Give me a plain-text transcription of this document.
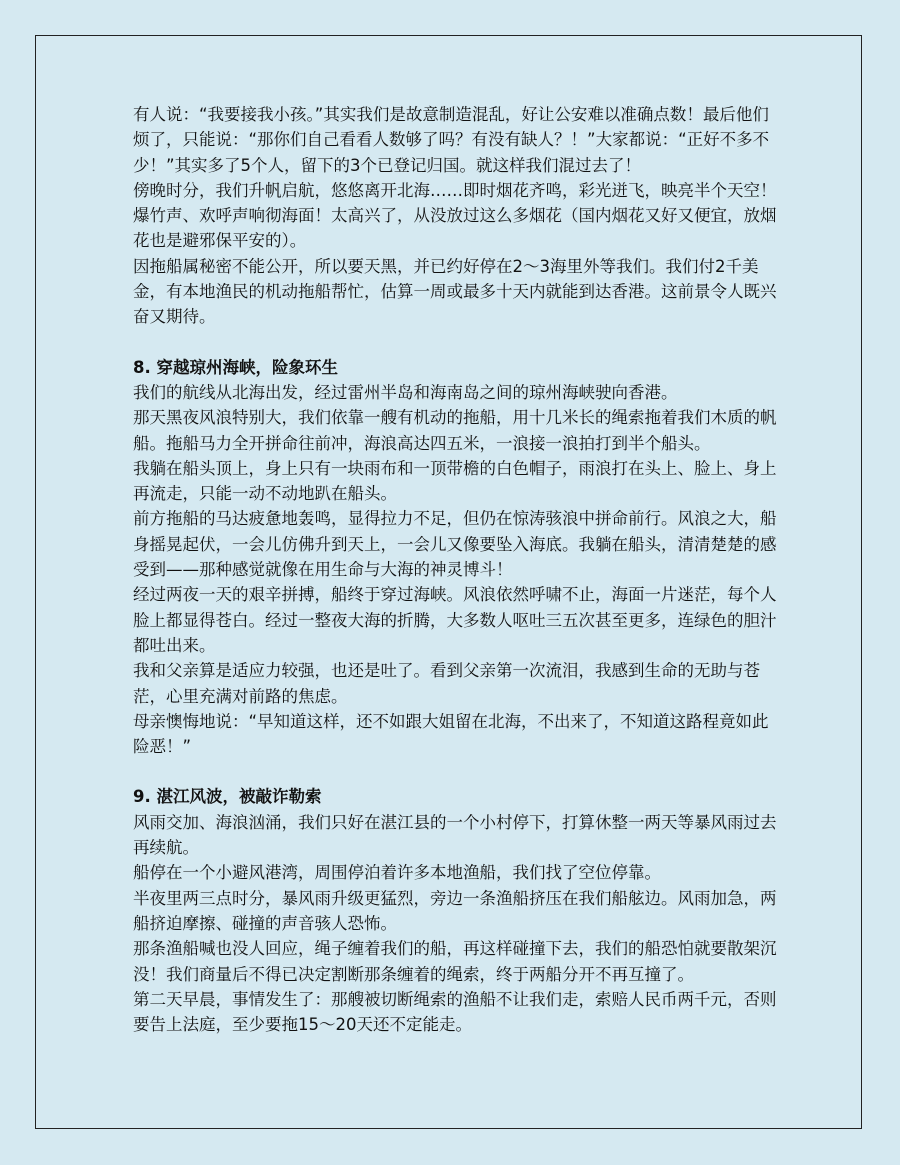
有人说：“我要接我小孩。”其实我们是故意制造混乱，好让公安难以准确点数！最后他们烦了，只能说：“那你们自己看看人数够了吗？有没有缺人？！”大家都说：“正好不多不少！”其实多了5个人，留下的3个已登记归国。就这样我们混过去了！

傍晚时分，我们升帆启航，悠悠离开北海……即时烟花齐鸣，彩光迸飞，映亮半个天空！爆竹声、欢呼声响彻海面！太高兴了，从没放过这么多烟花（国内烟花又好又便宜，放烟花也是避邪保平安的）。

因拖船属秘密不能公开，所以要天黑，并已约好停在2～3海里外等我们。我们付2千美金，有本地渔民的机动拖船帮忙，估算一周或最多十天内就能到达香港。这前景令人既兴奋又期待。

8. 穿越琼州海峡，险象环生

我们的航线从北海出发，经过雷州半岛和海南岛之间的琼州海峡驶向香港。

那天黑夜风浪特别大，我们依靠一艘有机动的拖船，用十几米长的绳索拖着我们木质的帆船。拖船马力全开拼命往前冲，海浪高达四五米，一浪接一浪拍打到半个船头。

我躺在船头顶上，身上只有一块雨布和一顶带檐的白色帽子，雨浪打在头上、脸上、身上再流走，只能一动不动地趴在船头。

前方拖船的马达疲惫地轰鸣，显得拉力不足，但仍在惊涛骇浪中拼命前行。风浪之大，船身摇晃起伏，一会儿仿佛升到天上，一会儿又像要坠入海底。我躺在船头，清清楚楚的感受到——那种感觉就像在用生命与大海的神灵博斗！

经过两夜一天的艰辛拼搏，船终于穿过海峡。风浪依然呼啸不止，海面一片迷茫，每个人脸上都显得苍白。经过一整夜大海的折腾，大多数人呕吐三五次甚至更多，连绿色的胆汁都吐出来。

我和父亲算是适应力较强，也还是吐了。看到父亲第一次流泪，我感到生命的无助与苍茫，心里充满对前路的焦虑。

母亲懊悔地说：“早知道这样，还不如跟大姐留在北海，不出来了，不知道这路程竟如此险恶！”

9. 湛江风波，被敲诈勒索

风雨交加、海浪汹涌，我们只好在湛江县的一个小村停下，打算休整一两天等暴风雨过去再续航。

船停在一个小避风港湾，周围停泊着许多本地渔船，我们找了空位停靠。

半夜里两三点时分，暴风雨升级更猛烈，旁边一条渔船挤压在我们船舷边。风雨加急，两船挤迫摩擦、碰撞的声音骇人恐怖。

那条渔船喊也没人回应，绳子缠着我们的船，再这样碰撞下去，我们的船恐怕就要散架沉没！我们商量后不得已决定割断那条缠着的绳索，终于两船分开不再互撞了。

第二天早晨，事情发生了：那艘被切断绳索的渔船不让我们走，索赔人民币两千元，否则要告上法庭，至少要拖15～20天还不定能走。
